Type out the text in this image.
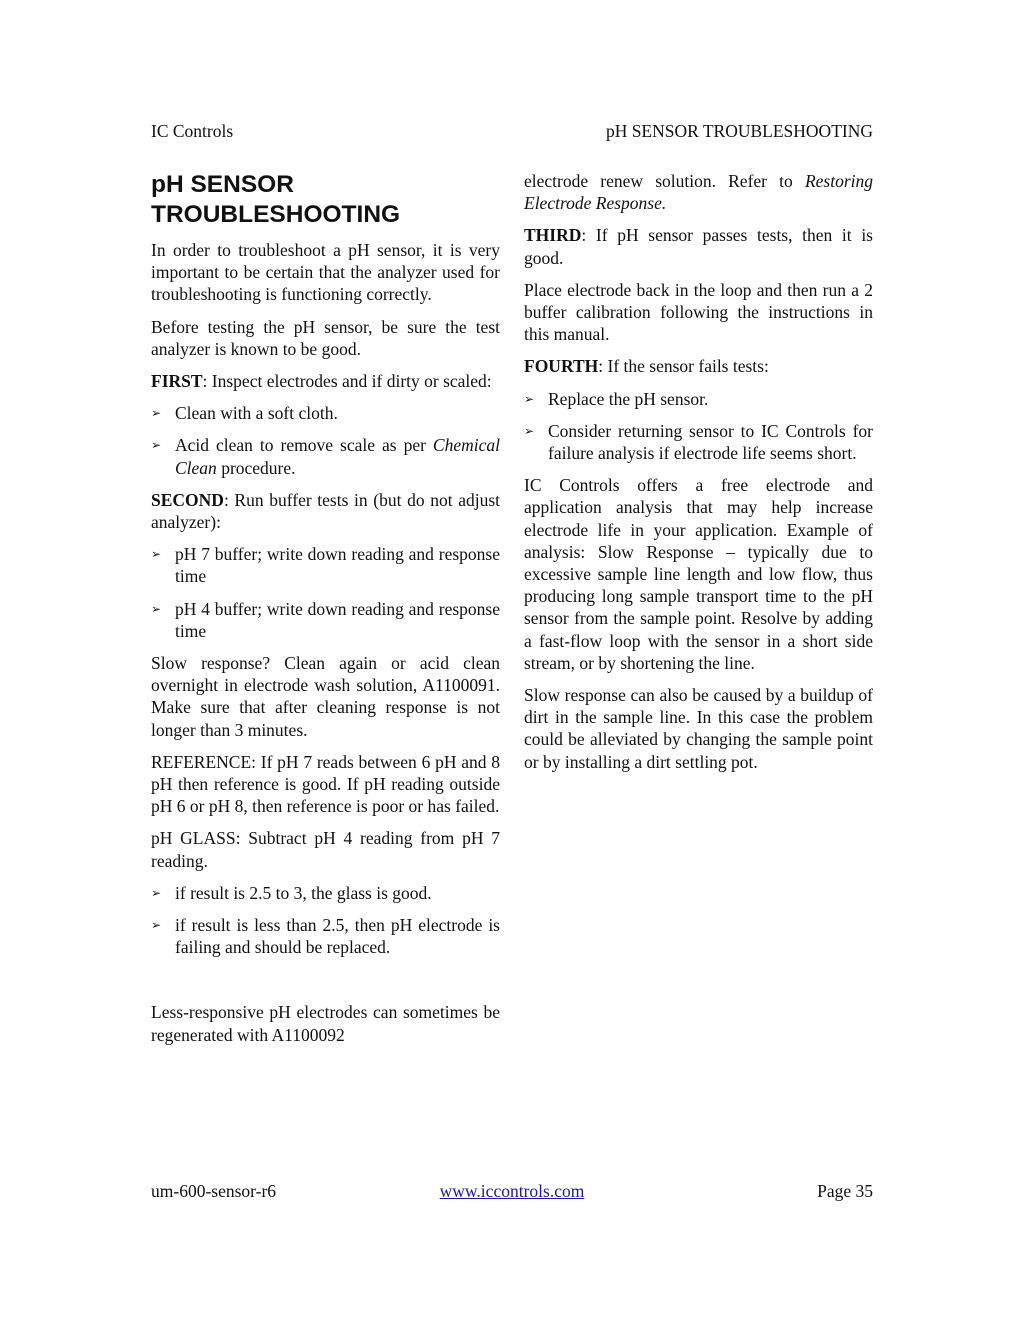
IC Controls	pH SENSOR TROUBLESHOOTING
pH SENSOR TROUBLESHOOTING

In order to troubleshoot a pH sensor, it is very important to be certain that the analyzer used for troubleshooting is functioning correctly.

Before testing the pH sensor, be sure the test analyzer is known to be good.

FIRST: Inspect electrodes and if dirty or scaled:

➢ Clean with a soft cloth.

➢ Acid clean to remove scale as per Chemical Clean procedure.

SECOND: Run buffer tests in (but do not adjust analyzer):

➢ pH 7 buffer; write down reading and response time

➢ pH 4 buffer; write down reading and response time

Slow response? Clean again or acid clean overnight in electrode wash solution, A1100091. Make sure that after cleaning response is not longer than 3 minutes.

REFERENCE: If pH 7 reads between 6 pH and 8 pH then reference is good. If pH reading outside pH 6 or pH 8, then reference is poor or has failed.

pH GLASS: Subtract pH 4 reading from pH 7 reading.

➢ if result is 2.5 to 3, the glass is good.

➢ if result is less than 2.5, then pH electrode is failing and should be replaced.

Less-responsive pH electrodes can sometimes be regenerated with A1100092

electrode renew solution. Refer to Restoring Electrode Response.

THIRD: If pH sensor passes tests, then it is good.

Place electrode back in the loop and then run a 2 buffer calibration following the instructions in this manual.

FOURTH: If the sensor fails tests:

➢ Replace the pH sensor.

➢ Consider returning sensor to IC Controls for failure analysis if electrode life seems short.

IC Controls offers a free electrode and application analysis that may help increase electrode life in your application. Example of analysis: Slow Response – typically due to excessive sample line length and low flow, thus producing long sample transport time to the pH sensor from the sample point. Resolve by adding a fast-flow loop with the sensor in a short side stream, or by shortening the line.

Slow response can also be caused by a buildup of dirt in the sample line. In this case the problem could be alleviated by changing the sample point or by installing a dirt settling pot.

um-600-sensor-r6	www.iccontrols.com	Page 35
